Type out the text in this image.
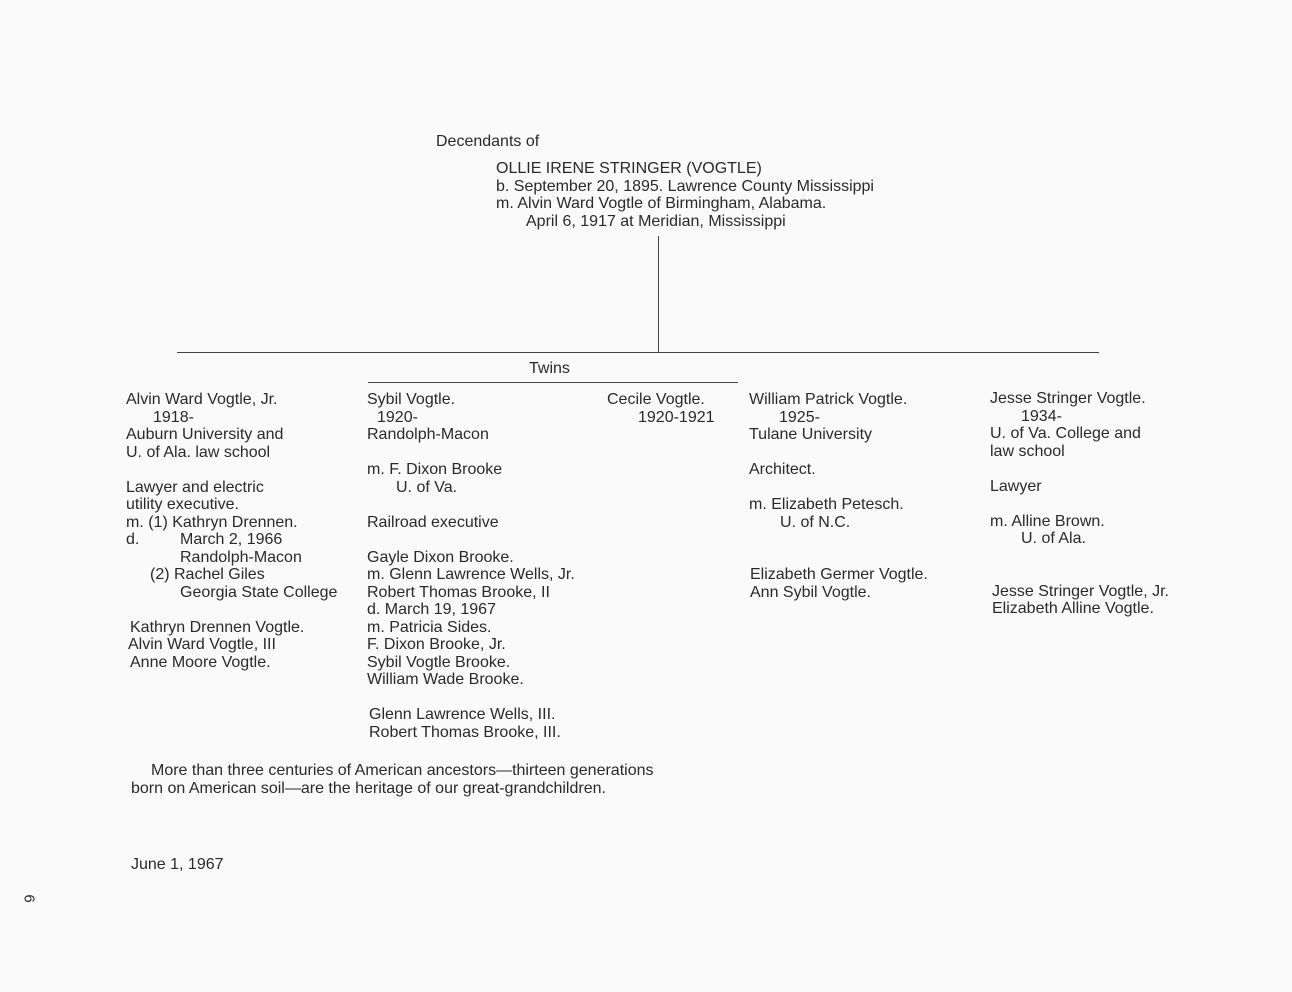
Decendants of
OLLIE IRENE STRINGER (VOGTLE)
b. September 20, 1895. Lawrence County Mississippi
m. Alvin Ward Vogtle of Birmingham, Alabama.
April 6, 1917 at Meridian, Mississippi
Twins
Alvin Ward Vogtle, Jr.
1918-
Auburn University and
U. of Ala. law school
Lawyer and electric
utility executive.
m. (1) Kathryn Drennen.
d.	March 2, 1966
Randolph-Macon
(2) Rachel Giles
Georgia State College
Kathryn Drennen Vogtle.
Alvin Ward Vogtle, III
Anne Moore Vogtle.
Sybil Vogtle.
1920-
Randolph-Macon
m. F. Dixon Brooke
U. of Va.
Railroad executive
Gayle Dixon Brooke.
m. Glenn Lawrence Wells, Jr.
Robert Thomas Brooke, II
d. March 19, 1967
m. Patricia Sides.
F. Dixon Brooke, Jr.
Sybil Vogtle Brooke.
William Wade Brooke.
Glenn Lawrence Wells, III.
Robert Thomas Brooke, III.
Cecile Vogtle.
1920-1921
William Patrick Vogtle.
1925-
Tulane University
Architect.
m. Elizabeth Petesch.
U. of N.C.
Elizabeth Germer Vogtle.
Ann Sybil Vogtle.
Jesse Stringer Vogtle.
1934-
U. of Va. College and
law school
Lawyer
m. Alline Brown.
U. of Ala.
Jesse Stringer Vogtle, Jr.
Elizabeth Alline Vogtle.
More than three centuries of American ancestors—thirteen generations
born on American soil—are the heritage of our great-grandchildren.
June 1, 1967
6
